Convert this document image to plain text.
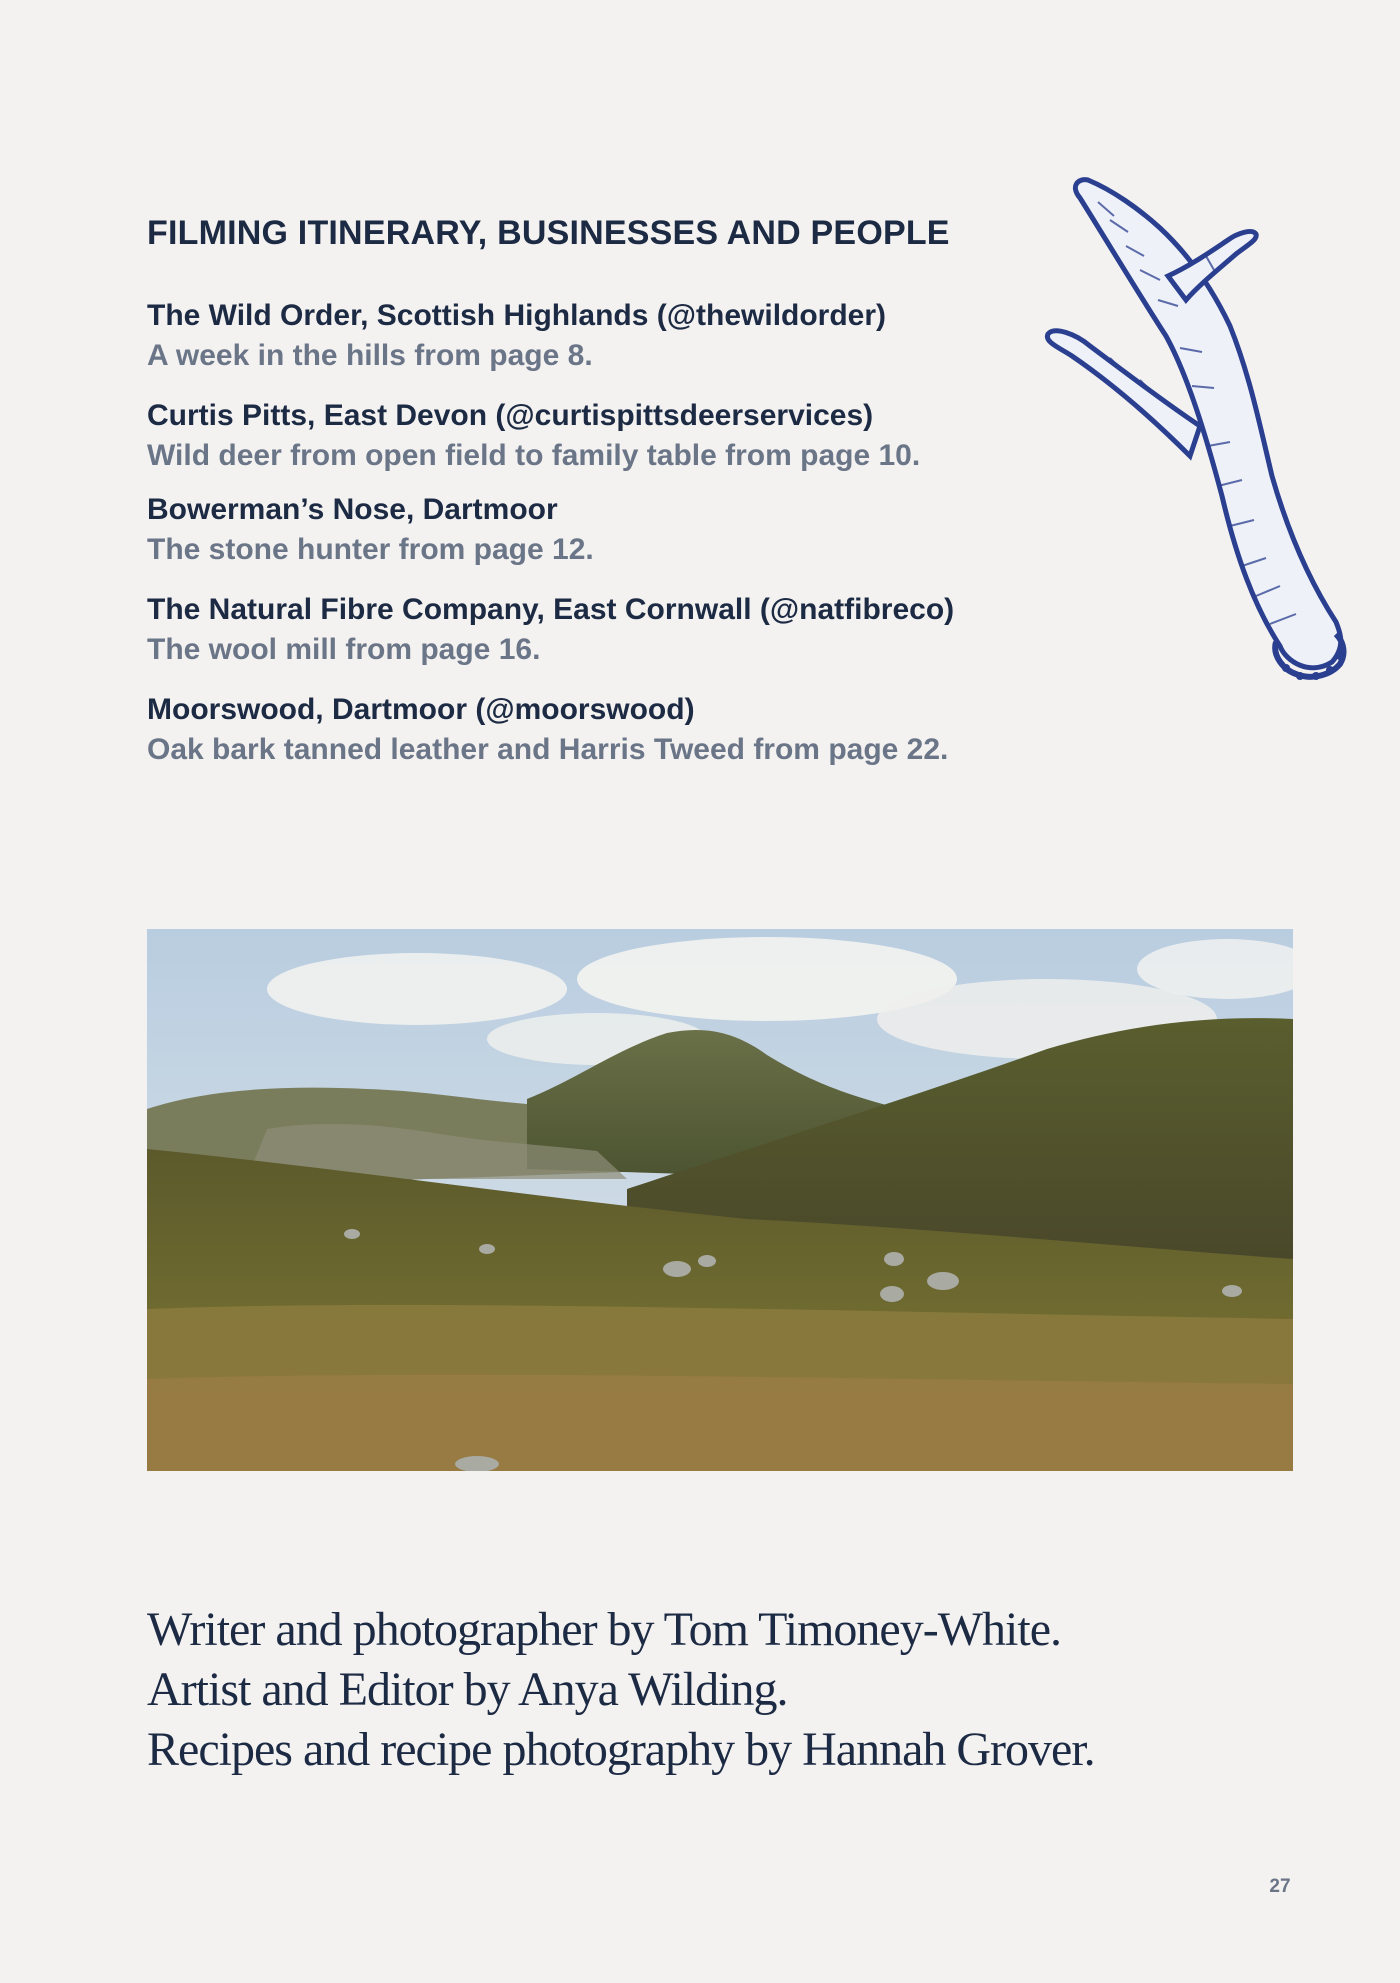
FILMING ITINERARY, BUSINESSES AND PEOPLE
The Wild Order, Scottish Highlands (@thewildorder)
A week in the hills from page 8.
Curtis Pitts, East Devon (@curtispittsdeerservices)
Wild deer from open field to family table from page 10.
Bowerman’s Nose, Dartmoor
The stone hunter from page 12.
The Natural Fibre Company, East Cornwall (@natfibreco)
The wool mill from page 16.
Moorswood, Dartmoor (@moorswood)
Oak bark tanned leather and Harris Tweed from page 22.
Writer and photographer by Tom Timoney-White.
Artist and Editor by Anya Wilding.
Recipes and recipe photography by Hannah Grover.
27
